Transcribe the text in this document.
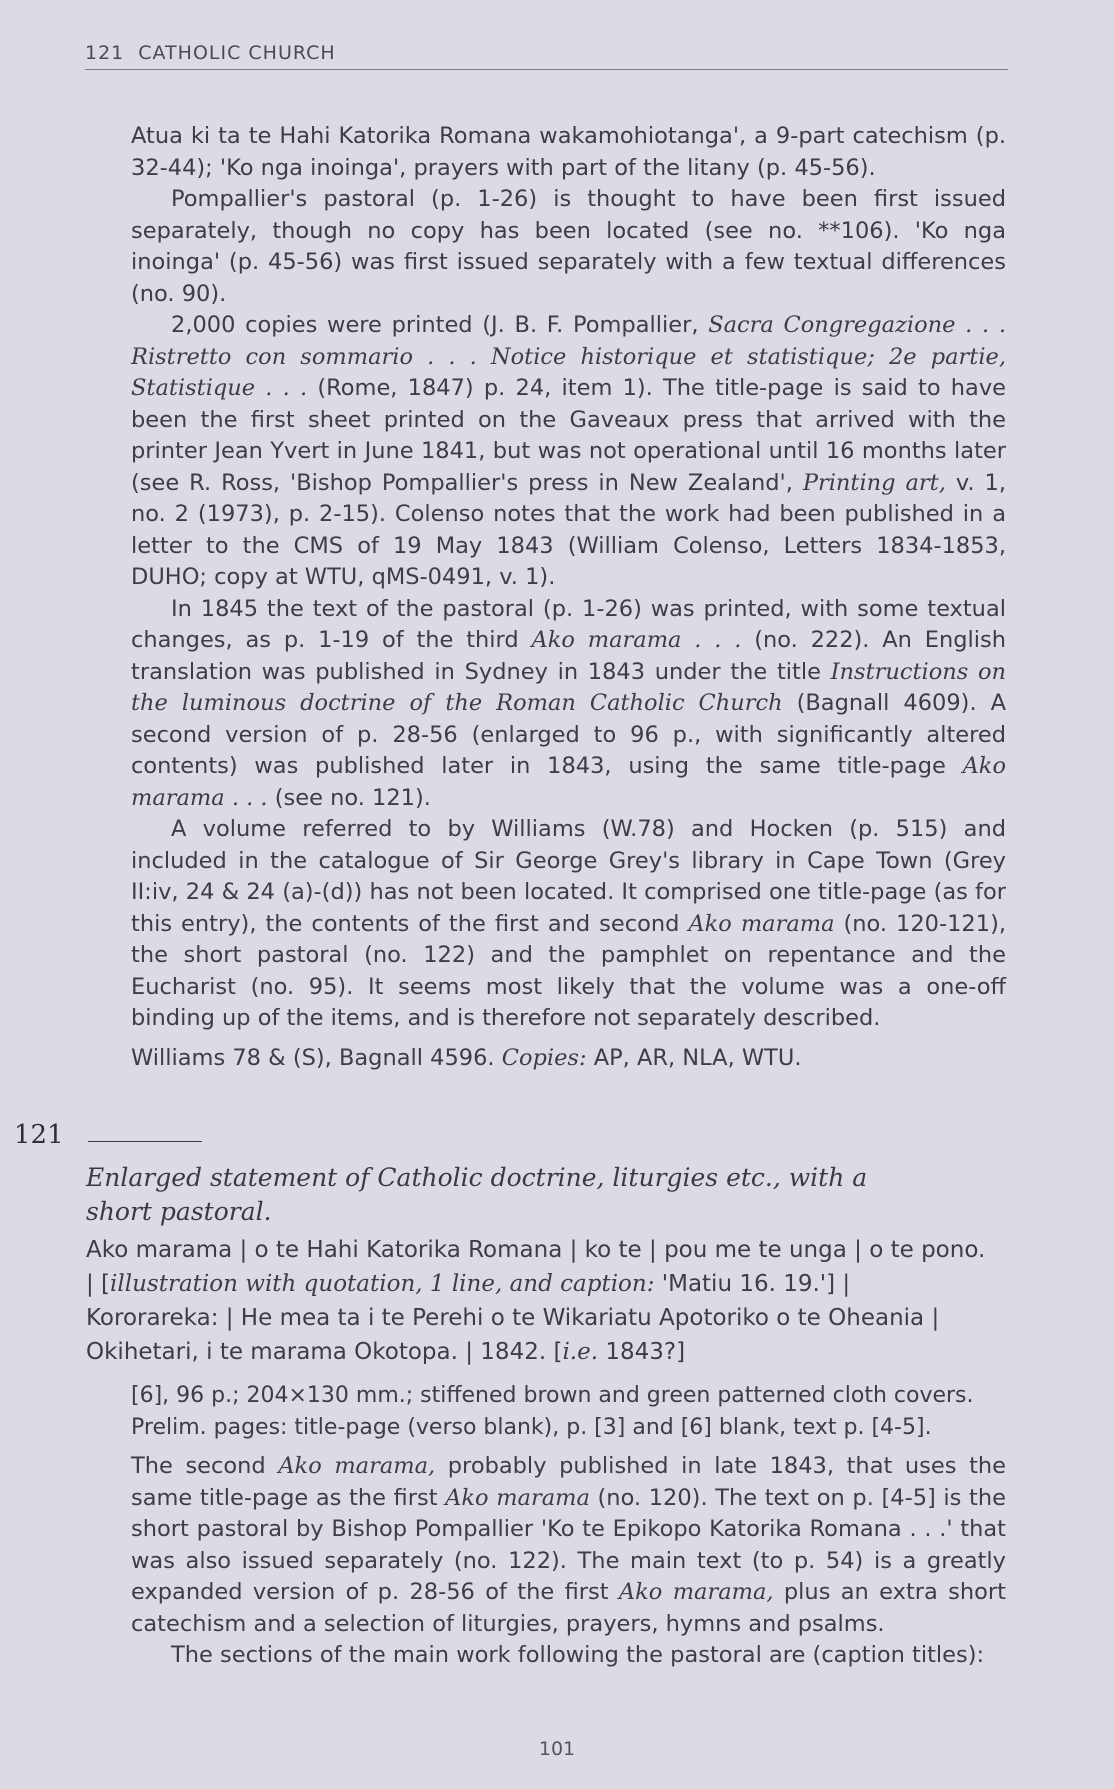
121 CATHOLIC CHURCH

Atua ki ta te Hahi Katorika Romana wakamohiotanga', a 9-part catechism (p. 32-44); 'Ko nga inoinga', prayers with part of the litany (p. 45-56).

Pompallier's pastoral (p. 1-26) is thought to have been first issued separately, though no copy has been located (see no. **106). 'Ko nga inoinga' (p. 45-56) was first issued separately with a few textual differences (no. 90).

2,000 copies were printed (J. B. F. Pompallier, Sacra Congregazione . . . Ristretto con sommario . . . Notice historique et statistique; 2e partie, Statistique . . . (Rome, 1847) p. 24, item 1). The title-page is said to have been the first sheet printed on the Gaveaux press that arrived with the printer Jean Yvert in June 1841, but was not operational until 16 months later (see R. Ross, 'Bishop Pompallier's press in New Zealand', Printing art, v. 1, no. 2 (1973), p. 2-15). Colenso notes that the work had been published in a letter to the CMS of 19 May 1843 (William Colenso, Letters 1834-1853, DUHO; copy at WTU, qMS-0491, v. 1).

In 1845 the text of the pastoral (p. 1-26) was printed, with some textual changes, as p. 1-19 of the third Ako marama . . . (no. 222). An English translation was published in Sydney in 1843 under the title Instructions on the luminous doctrine of the Roman Catholic Church (Bagnall 4609). A second version of p. 28-56 (enlarged to 96 p., with significantly altered contents) was published later in 1843, using the same title-page Ako marama . . . (see no. 121).

A volume referred to by Williams (W.78) and Hocken (p. 515) and included in the catalogue of Sir George Grey's library in Cape Town (Grey II:iv, 24 & 24 (a)-(d)) has not been located. It comprised one title-page (as for this entry), the contents of the first and second Ako marama (no. 120-121), the short pastoral (no. 122) and the pamphlet on repentance and the Eucharist (no. 95). It seems most likely that the volume was a one-off binding up of the items, and is therefore not separately described.

Williams 78 & (S), Bagnall 4596. Copies: AP, AR, NLA, WTU.

121
Enlarged statement of Catholic doctrine, liturgies etc., with a short pastoral.
Ako marama | o te Hahi Katorika Romana | ko te | pou me te unga | o te pono. | [illustration with quotation, 1 line, and caption: 'Matiu 16. 19.'] | Kororareka: | He mea ta i te Perehi o te Wikariatu Apotoriko o te Oheania | Okihetari, i te marama Okotopa. | 1842. [i.e. 1843?]
[6], 96 p.; 204×130 mm.; stiffened brown and green patterned cloth covers. Prelim. pages: title-page (verso blank), p. [3] and [6] blank, text p. [4-5].

The second Ako marama, probably published in late 1843, that uses the same title-page as the first Ako marama (no. 120). The text on p. [4-5] is the short pastoral by Bishop Pompallier 'Ko te Epikopo Katorika Romana . . .' that was also issued separately (no. 122). The main text (to p. 54) is a greatly expanded version of p. 28-56 of the first Ako marama, plus an extra short catechism and a selection of liturgies, prayers, hymns and psalms.

The sections of the main work following the pastoral are (caption titles):

101
